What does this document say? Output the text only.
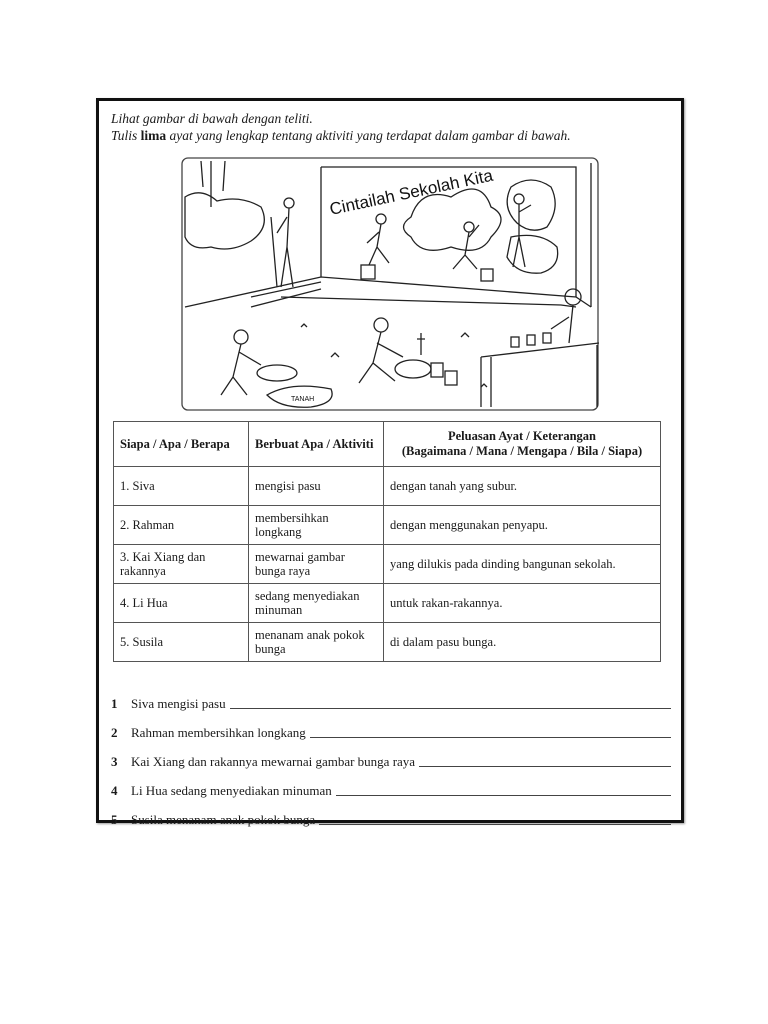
Lihat gambar di bawah dengan teliti.
Tulis lima ayat yang lengkap tentang aktiviti yang terdapat dalam gambar di bawah.
Cintailah Sekolah Kita
TANAH
Siapa / Apa / Berapa	Berbuat Apa / Aktiviti	Peluasan Ayat / Keterangan
(Bagaimana / Mana / Mengapa / Bila / Siapa)
1. Siva	mengisi pasu	dengan tanah yang subur.
2. Rahman	membersihkan longkang	dengan menggunakan penyapu.
3. Kai Xiang dan rakannya	mewarnai gambar bunga raya	yang dilukis pada dinding bangunan sekolah.
4. Li Hua	sedang menyediakan minuman	untuk rakan-rakannya.
5. Susila	menanam anak pokok bunga	di dalam pasu bunga.
1	Siva mengisi pasu
2	Rahman membersihkan longkang
3	Kai Xiang dan rakannya mewarnai gambar bunga raya
4	Li Hua sedang menyediakan minuman
5	Susila menanam anak pokok bunga
